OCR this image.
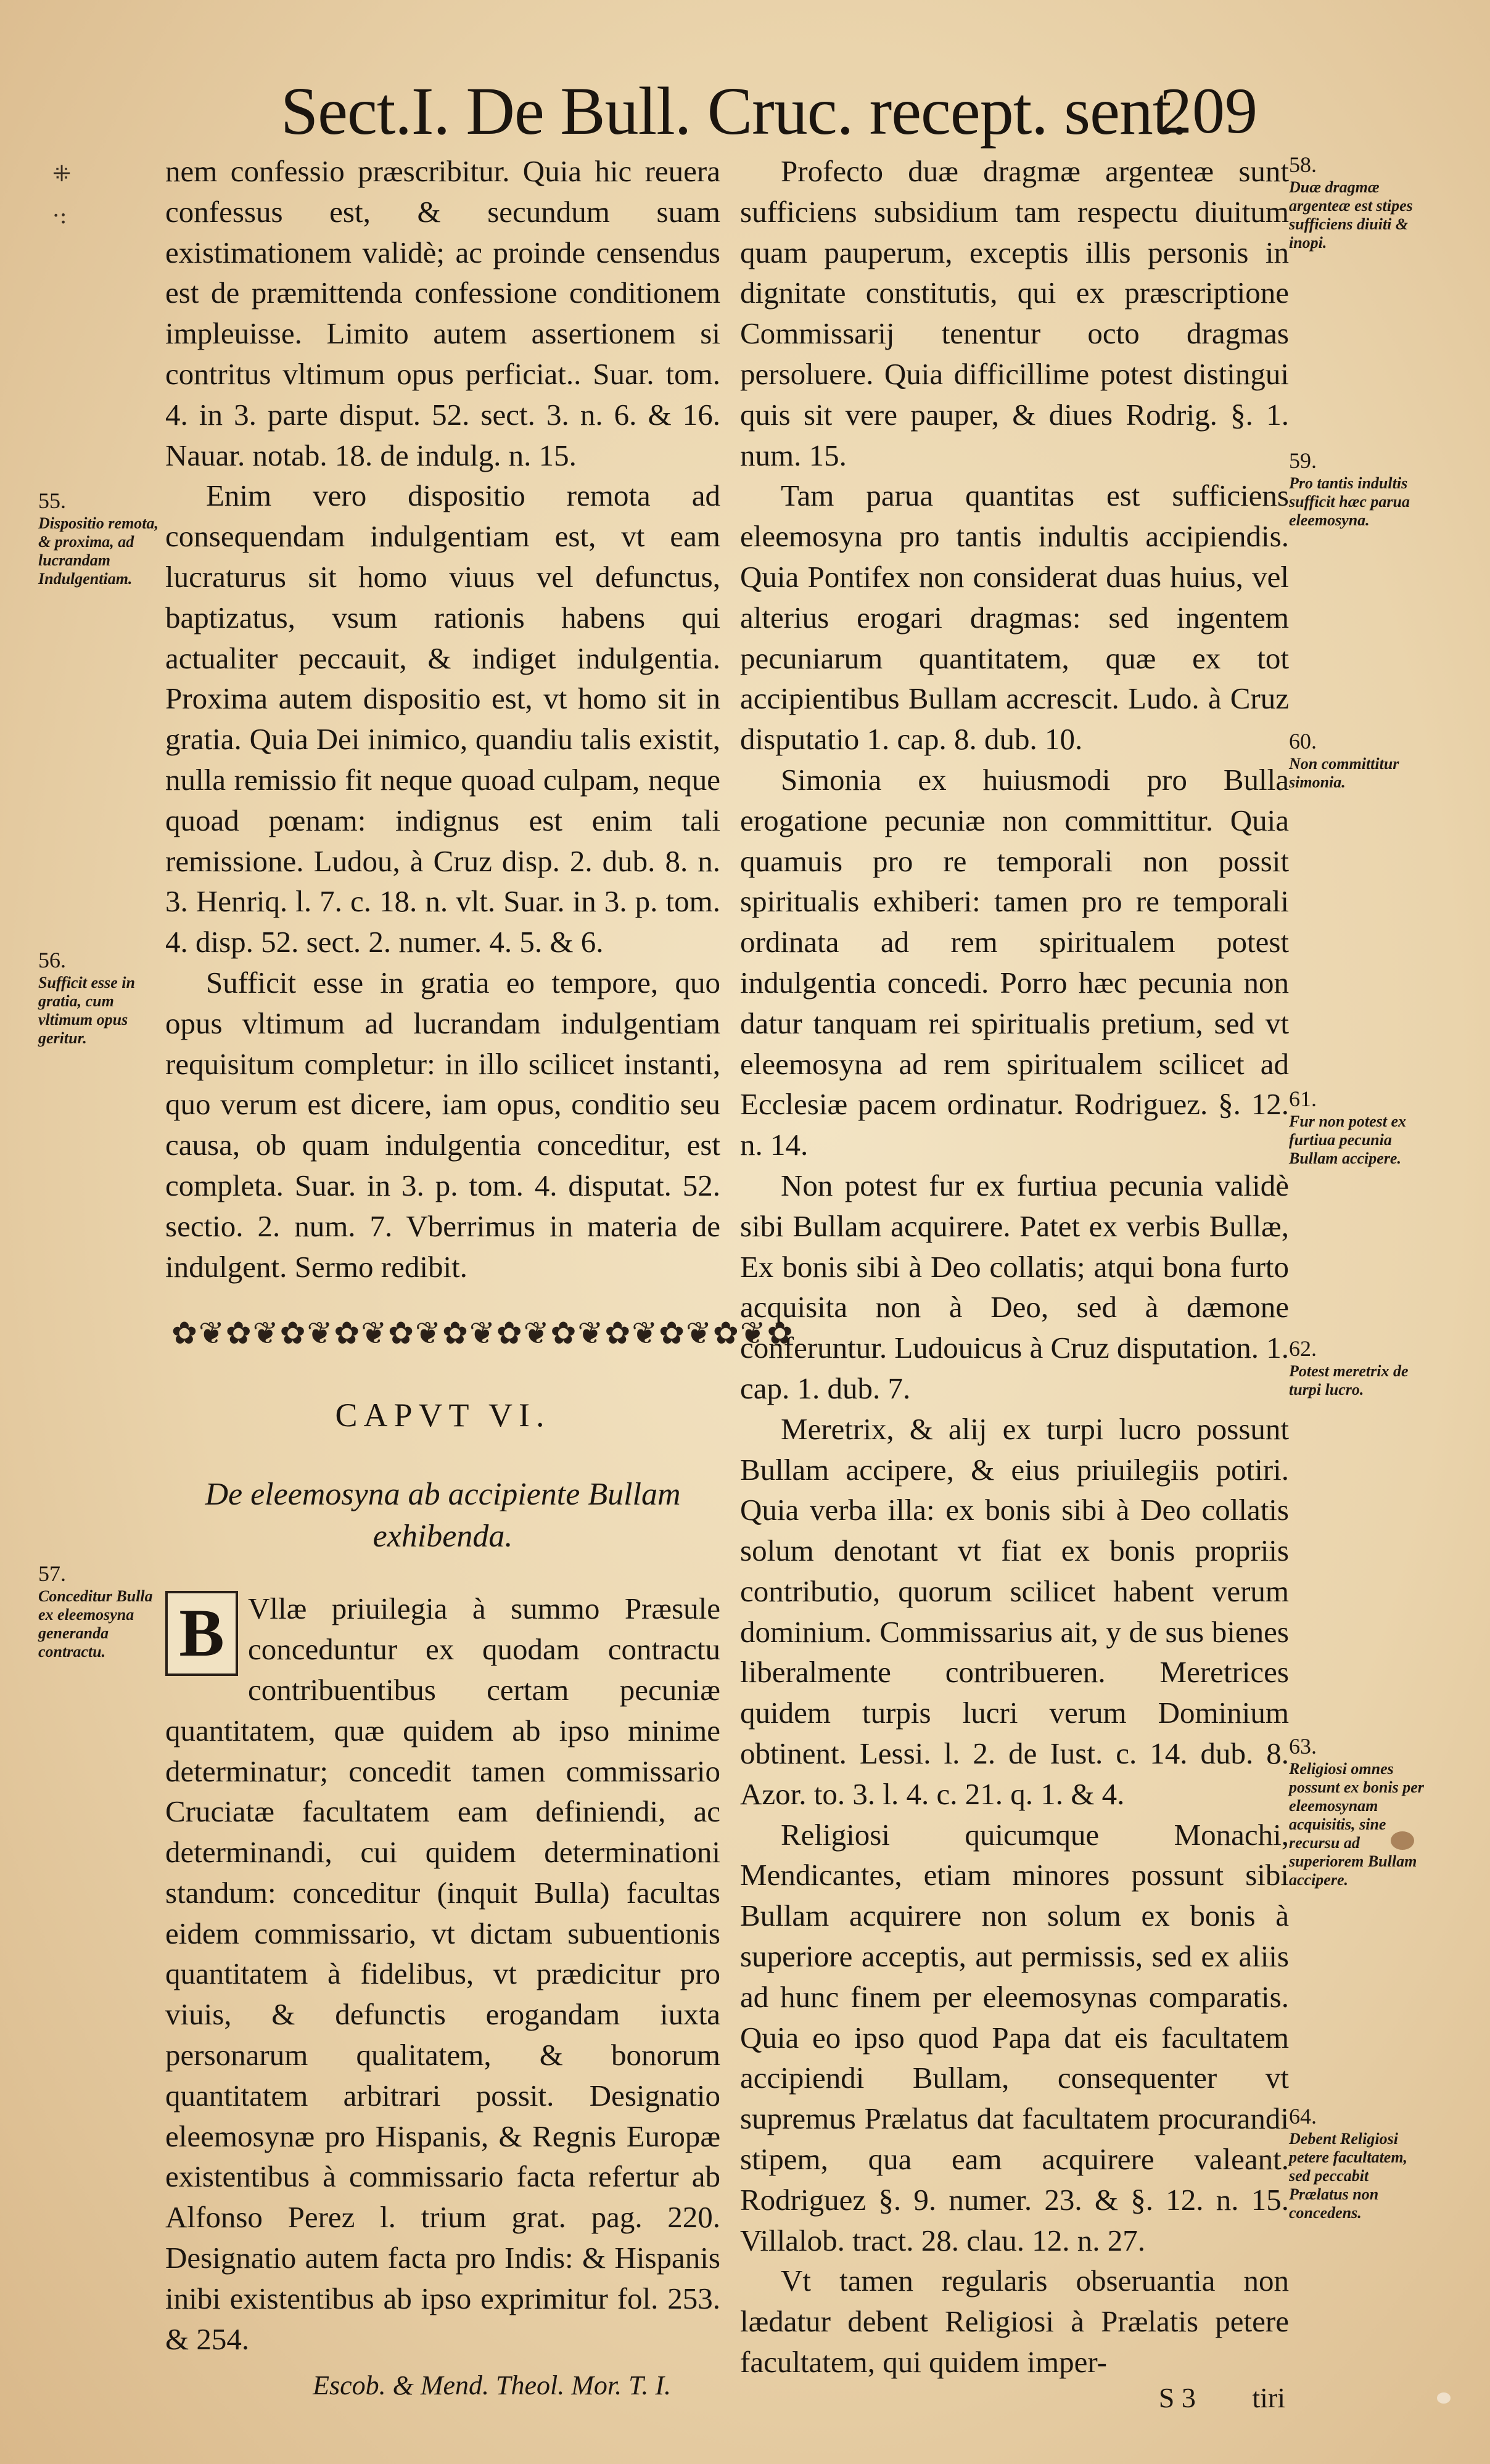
Sect.I. De Bull. Cruc. recept. sent.
209
⁜
·:

nem confessio præscribitur. Quia hic reuera confessus est, & secundum suam existimationem validè; ac proinde censendus est de præmittenda confessione conditionem impleuisse. Limito autem assertionem si contritus vltimum opus perficiat.. Suar. tom. 4. in 3. parte disput. 52. sect. 3. n. 6. & 16. Nauar. notab. 18. de indulg. n. 15.

Enim vero dispositio remota ad consequendam indulgentiam est, vt eam lucraturus sit homo viuus vel defunctus, baptizatus, vsum rationis habens qui actualiter peccauit, & indiget indulgentia. Proxima autem dispositio est, vt homo sit in gratia. Quia Dei inimico, quandiu talis existit, nulla remissio fit neque quoad culpam, neque quoad pœnam: indignus est enim tali remissione. Ludou, à Cruz disp. 2. dub. 8. n. 3. Henriq. l. 7. c. 18. n. vlt. Suar. in 3. p. tom. 4. disp. 52. sect. 2. numer. 4. 5. & 6.

Sufficit esse in gratia eo tempore, quo opus vltimum ad lucrandam indulgentiam requisitum completur: in illo scilicet instanti, quo verum est dicere, iam opus, conditio seu causa, ob quam indulgentia conceditur, est completa. Suar. in 3. p. tom. 4. disputat. 52. sectio. 2. num. 7. Vberrimus in materia de indulgent. Sermo redibit.

✿❦✿❦✿❦✿❦✿❦✿❦✿❦✿❦✿❦✿❦✿❦✿
CAPVT VI.
De eleemosyna ab accipiente Bullam exhibenda.

B Vllæ priuilegia à summo Præsule conceduntur ex quodam contractu contribuentibus certam pecuniæ quantitatem, quæ quidem ab ipso minime determinatur; concedit tamen commissario Cruciatæ facultatem eam definiendi, ac determinandi, cui quidem determinationi standum: conceditur (inquit Bulla) facultas eidem commissario, vt dictam subuentionis quantitatem à fidelibus, vt prædicitur pro viuis, & defunctis erogandam iuxta personarum qualitatem, & bonorum quantitatem arbitrari possit. Designatio eleemosynæ pro Hispanis, & Regnis Europæ existentibus à commissario facta refertur ab Alfonso Perez l. trium grat. pag. 220. Designatio autem facta pro Indis: & Hispanis inibi existentibus ab ipso exprimitur fol. 253. & 254.

Escob. & Mend. Theol. Mor. T. I.

Profecto duæ dragmæ argenteæ sunt sufficiens subsidium tam respectu diuitum quam pauperum, exceptis illis personis in dignitate constitutis, qui ex præscriptione Commissarij tenentur octo dragmas persoluere. Quia difficillime potest distingui quis sit vere pauper, & diues Rodrig. §. 1. num. 15.

Tam parua quantitas est sufficiens eleemosyna pro tantis indultis accipiendis. Quia Pontifex non considerat duas huius, vel alterius erogari dragmas: sed ingentem pecuniarum quantitatem, quæ ex tot accipientibus Bullam accrescit. Ludo. à Cruz disputatio 1. cap. 8. dub. 10.

Simonia ex huiusmodi pro Bulla erogatione pecuniæ non committitur. Quia quamuis pro re temporali non possit spiritualis exhiberi: tamen pro re temporali ordinata ad rem spiritualem potest indulgentia concedi. Porro hæc pecunia non datur tanquam rei spiritualis pretium, sed vt eleemosyna ad rem spiritualem scilicet ad Ecclesiæ pacem ordinatur. Rodriguez. §. 12. n. 14.

Non potest fur ex furtiua pecunia validè sibi Bullam acquirere. Patet ex verbis Bullæ, Ex bonis sibi à Deo collatis; atqui bona furto acquisita non à Deo, sed à dæmone conferuntur. Ludouicus à Cruz disputation. 1. cap. 1. dub. 7.

Meretrix, & alij ex turpi lucro possunt Bullam accipere, & eius priuilegiis potiri. Quia verba illa: ex bonis sibi à Deo collatis solum denotant vt fiat ex bonis propriis contributio, quorum scilicet habent verum dominium. Commissarius ait, y de sus bienes liberalmente contribueren. Meretrices quidem turpis lucri verum Dominium obtinent. Lessi. l. 2. de Iust. c. 14. dub. 8. Azor. to. 3. l. 4. c. 21. q. 1. & 4.

Religiosi quicumque Monachi, Mendicantes, etiam minores possunt sibi Bullam acquirere non solum ex bonis à superiore acceptis, aut permissis, sed ex aliis ad hunc finem per eleemosynas comparatis. Quia eo ipso quod Papa dat eis facultatem accipiendi Bullam, consequenter vt supremus Prælatus dat facultatem procurandi stipem, qua eam acquirere valeant. Rodriguez §. 9. numer. 23. & §. 12. n. 15. Villalob. tract. 28. clau. 12. n. 27.

Vt tamen regularis obseruantia non lædatur debent Religiosi à Prælatis petere facultatem, qui quidem imper-

S 3 tiri
55.
Dispositio remota, & proxima, ad lucrandam Indulgentiam.
56.
Sufficit esse in gratia, cum vltimum opus geritur.
57.
Conceditur Bulla ex eleemosyna generanda contractu.
58.
Duæ dragmæ argenteæ est stipes sufficiens diuiti & inopi.
59.
Pro tantis indultis sufficit hæc parua eleemosyna.
60.
Non committitur simonia.
61.
Fur non potest ex furtiua pecunia Bullam accipere.
62.
Potest meretrix de turpi lucro.
63.
Religiosi omnes possunt ex bonis per eleemosynam acquisitis, sine recursu ad superiorem Bullam accipere.
64.
Debent Religiosi petere facultatem, sed peccabit Prælatus non concedens.
